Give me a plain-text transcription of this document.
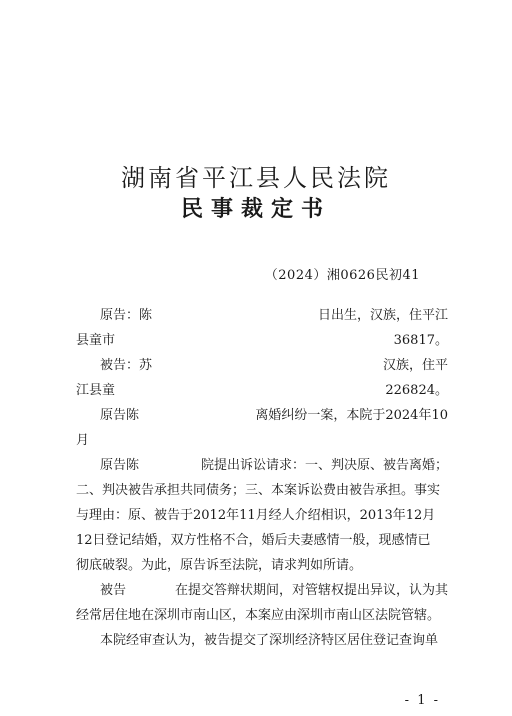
湖南省平江县人民法院
民事裁定书
（2024）湘0626民初41
原告：陈	日出生，汉族，住平江
县童市	36817。
被告：苏	汉族，住平
江县童	226824。
原告陈	离婚纠纷一案，本院于2024年10
月
原告陈	院提出诉讼请求：一、判决原、被告离婚；
二、判决被告承担共同债务；三、本案诉讼费由被告承担。事实
与理由：原、被告于2012年11月经人介绍相识，2013年12月
12日登记结婚，双方性格不合，婚后夫妻感情一般，现感情已
彻底破裂。为此，原告诉至法院，请求判如所请。
被告	在提交答辩状期间，对管辖权提出异议，认为其
经常居住地在深圳市南山区，本案应由深圳市南山区法院管辖。
本院经审查认为，被告提交了深圳经济特区居住登记查询单
- 1 -
